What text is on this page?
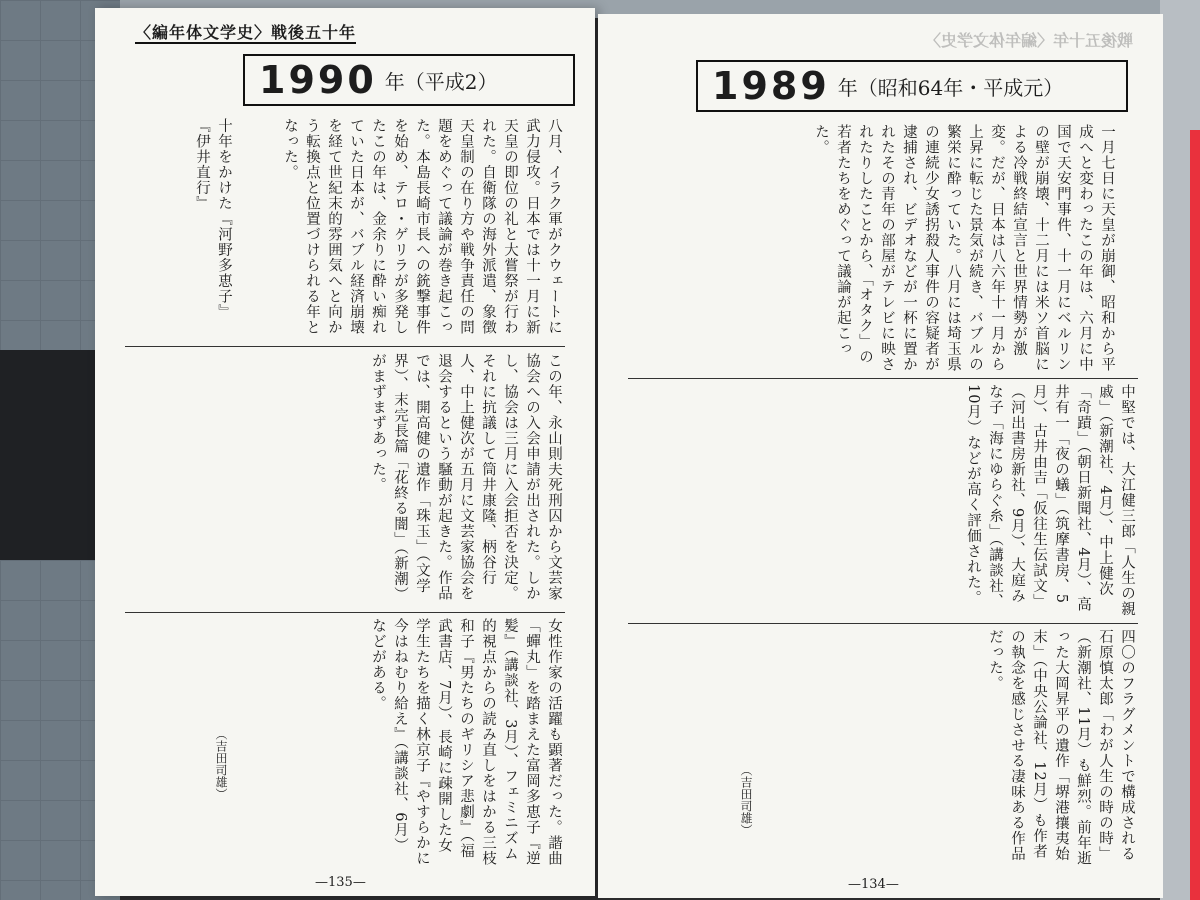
〈編年体文学史〉戦後五十年
1990 年（平成2）
八月、イラク軍がクウェートに武力侵攻。日本では十一月に新天皇の即位の礼と大嘗祭が行われた。自衛隊の海外派遣、象徴天皇制の在り方や戦争責任の問題をめぐって議論が巻き起こった。本島長崎市長への銃撃事件を始め、テロ・ゲリラが多発したこの年は、金余りに酔い痴れていた日本が、バブル経済崩壊を経て世紀末的雰囲気へと向かう転換点と位置づけられる年となった。
十年をかけた『河野多恵子』『伊井直行』
この年、永山則夫死刑囚から文芸家協会への入会申請が出された。しかし、協会は三月に入会拒否を決定。それに抗議して筒井康隆、柄谷行人、中上健次が五月に文芸家協会を退会するという騒動が起きた。作品では、開高健の遺作「珠玉」（文学界）、末完長篇「花終る闇」（新潮）がまずまずあった。
女性作家の活躍も顕著だった。諧曲「蟬丸」を踏まえた富岡多恵子『逆髪』（講談社、3月）、フェミニズム的視点からの読み直しをはかる三枝和子『男たちのギリシア悲劇』（福武書店、7月）、長崎に疎開した女学生たちを描く林京子『やすらかに今はねむり給え』（講談社、6月）などがある。
（吉田司雄）
—135—
戦後五十年〈編年体文学史〉
1989 年（昭和64年・平成元）
一月七日に天皇が崩御、昭和から平成へと変わったこの年は、六月に中国で天安門事件、十一月にベルリンの壁が崩壊、十二月には米ソ首脳による冷戦終結宣言と世界情勢が激変。だが、日本は八六年十一月から上昇に転じた景気が続き、バブルの繁栄に酔っていた。八月には埼玉県の連続少女誘拐殺人事件の容疑者が逮捕され、ビデオなどが一杯に置かれたその青年の部屋がテレビに映されたりしたことから、「オタク」の若者たちをめぐって議論が起こった。
中堅では、大江健三郎「人生の親戚」（新潮社、4月）、中上健次「奇蹟」（朝日新聞社、4月）、高井有一「夜の蟻」（筑摩書房、5月）、古井由吉「仮往生伝試文」（河出書房新社、9月）、大庭みな子「海にゆらぐ糸」（講談社、10月）などが高く評価された。
四〇のフラグメントで構成される石原慎太郎「わが人生の時の時」（新潮社、11月）も鮮烈。前年逝った大岡昇平の遺作「堺港攘夷始末」（中央公論社、12月）も作者の執念を感じさせる凄味ある作品だった。
（吉田司雄）
—134—
